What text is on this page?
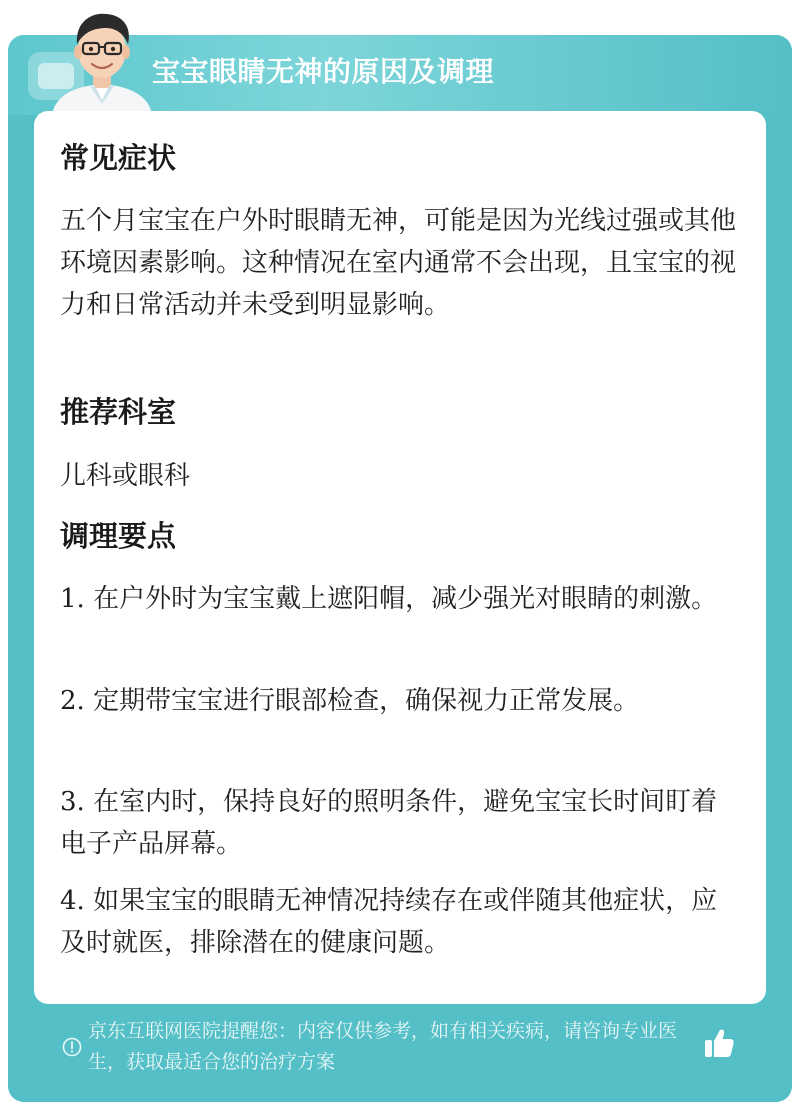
宝宝眼睛无神的原因及调理
常见症状
五个月宝宝在户外时眼睛无神，可能是因为光线过强或其他环境因素影响。这种情况在室内通常不会出现，且宝宝的视力和日常活动并未受到明显影响。
推荐科室
儿科或眼科
调理要点
1. 在户外时为宝宝戴上遮阳帽，减少强光对眼睛的刺激。
2. 定期带宝宝进行眼部检查，确保视力正常发展。
3. 在室内时，保持良好的照明条件，避免宝宝长时间盯着电子产品屏幕。
4. 如果宝宝的眼睛无神情况持续存在或伴随其他症状，应及时就医，排除潜在的健康问题。
京东互联网医院提醒您：内容仅供参考，如有相关疾病，请咨询专业医生，获取最适合您的治疗方案
